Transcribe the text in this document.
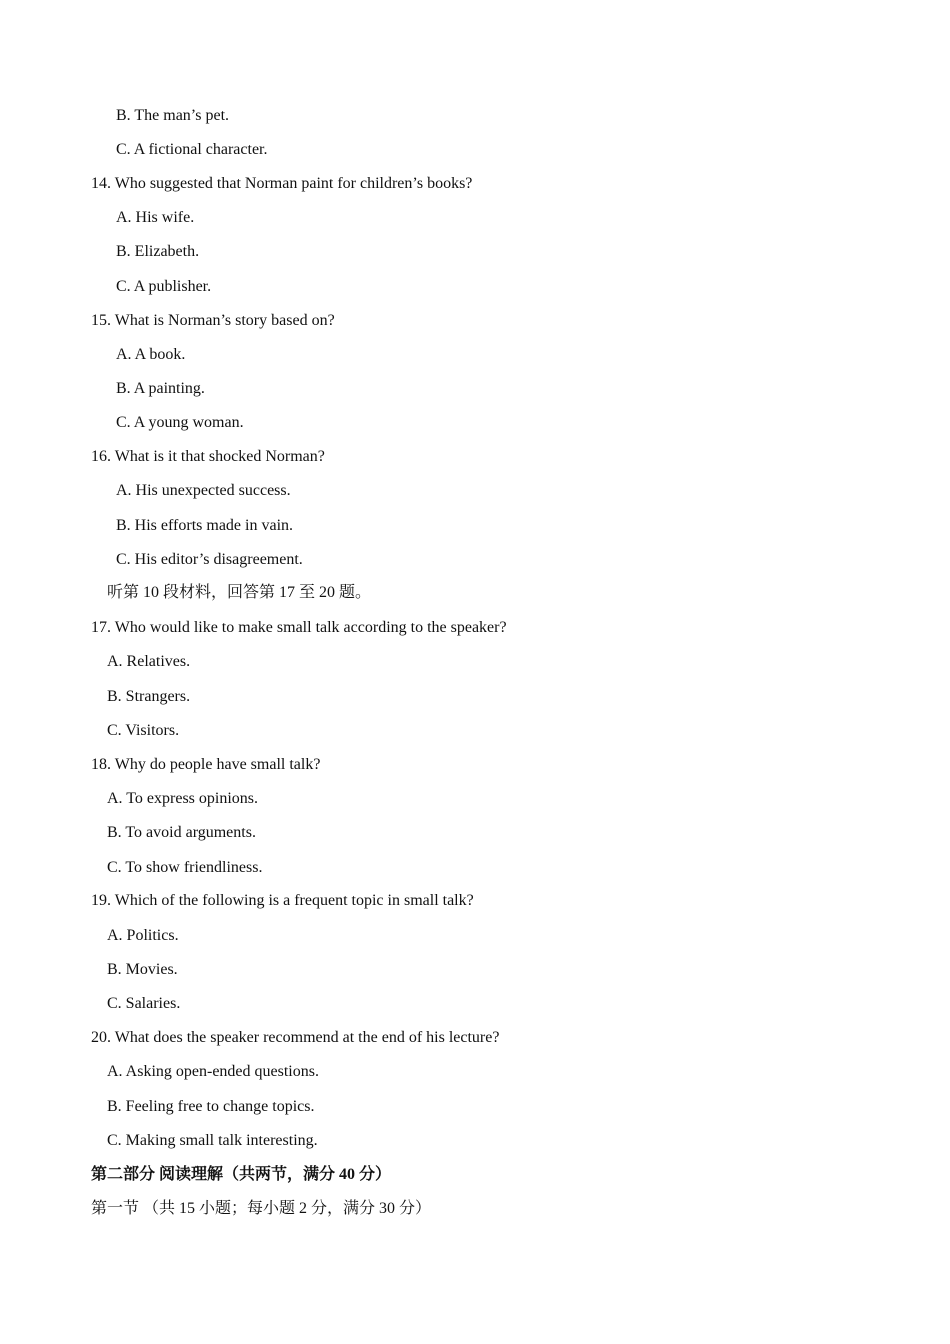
B. The man’s pet.
C. A fictional character.
14. Who suggested that Norman paint for children’s books?
A. His wife.
B. Elizabeth.
C. A publisher.
15. What is Norman’s story based on?
A. A book.
B. A painting.
C. A young woman.
16. What is it that shocked Norman?
A. His unexpected success.
B. His efforts made in vain.
C. His editor’s disagreement.
听第 10 段材料，回答第 17 至 20 题。
17. Who would like to make small talk according to the speaker?
A. Relatives.
B. Strangers.
C. Visitors.
18. Why do people have small talk?
A. To express opinions.
B. To avoid arguments.
C. To show friendliness.
19. Which of the following is a frequent topic in small talk?
A. Politics.
B. Movies.
C. Salaries.
20. What does the speaker recommend at the end of his lecture?
A. Asking open-ended questions.
B. Feeling free to change topics.
C. Making small talk interesting.
第二部分 阅读理解（共两节，满分 40 分）
第一节 （共 15 小题；每小题 2 分，满分 30 分）
